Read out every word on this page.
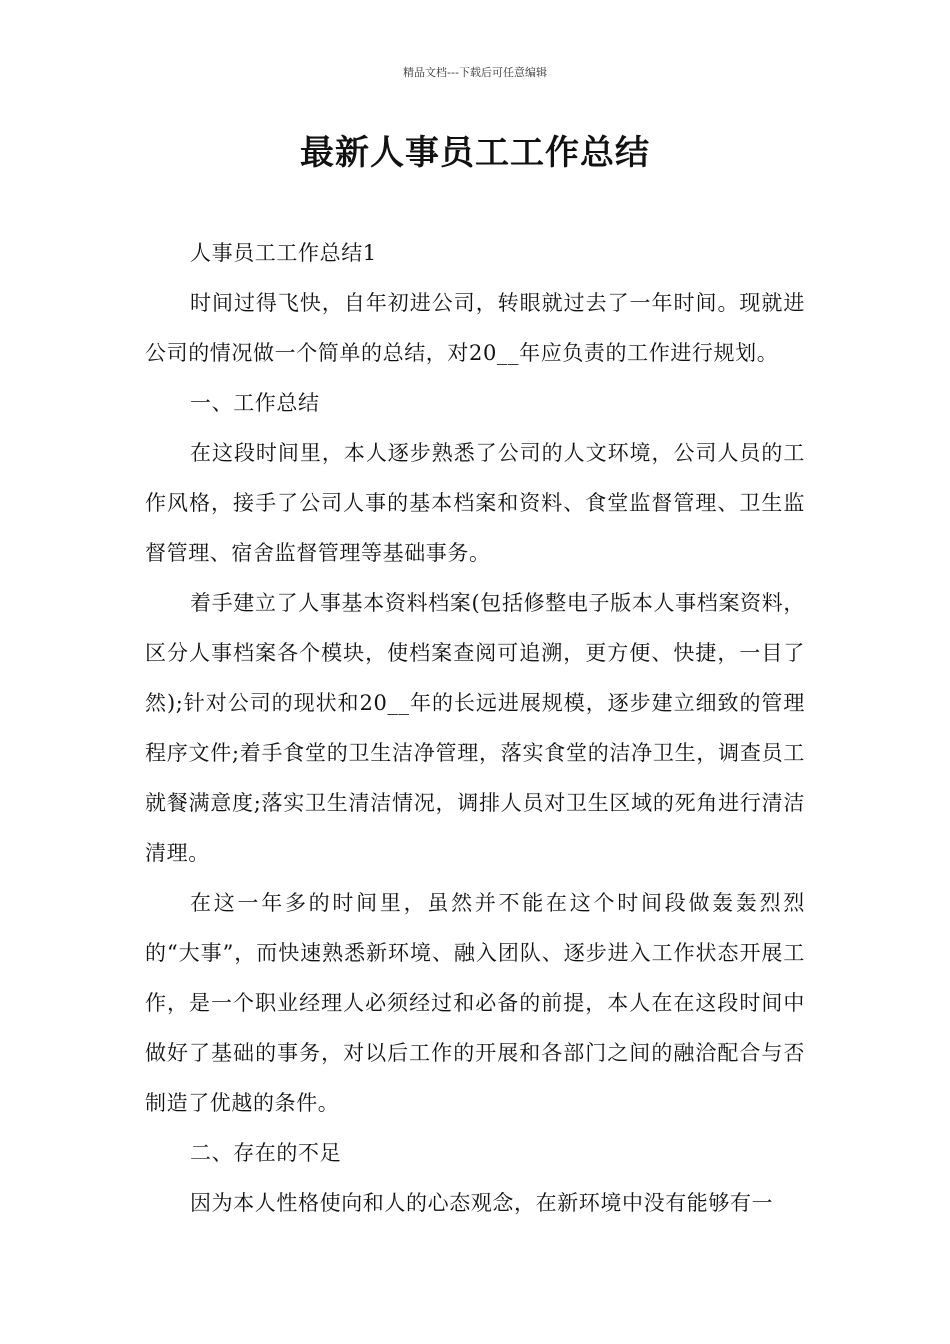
精品文档---下载后可任意编辑
最新人事员工工作总结

人事员工工作总结1

时间过得飞快，自年初进公司，转眼就过去了一年时间。现就进公司的情况做一个简单的总结，对20__年应负责的工作进行规划。

一、工作总结

在这段时间里，本人逐步熟悉了公司的人文环境，公司人员的工作风格，接手了公司人事的基本档案和资料、食堂监督管理、卫生监督管理、宿舍监督管理等基础事务。

着手建立了人事基本资料档案(包括修整电子版本人事档案资料，区分人事档案各个模块，使档案查阅可追溯，更方便、快捷，一目了然);针对公司的现状和20__年的长远进展规模，逐步建立细致的管理程序文件;着手食堂的卫生洁净管理，落实食堂的洁净卫生，调查员工就餐满意度;落实卫生清洁情况，调排人员对卫生区域的死角进行清洁清理。

在这一年多的时间里，虽然并不能在这个时间段做轰轰烈烈的“大事”，而快速熟悉新环境、融入团队、逐步进入工作状态开展工作，是一个职业经理人必须经过和必备的前提，本人在在这段时间中做好了基础的事务，对以后工作的开展和各部门之间的融洽配合与否制造了优越的条件。

二、存在的不足

因为本人性格使向和人的心态观念，在新环境中没有能够有一
